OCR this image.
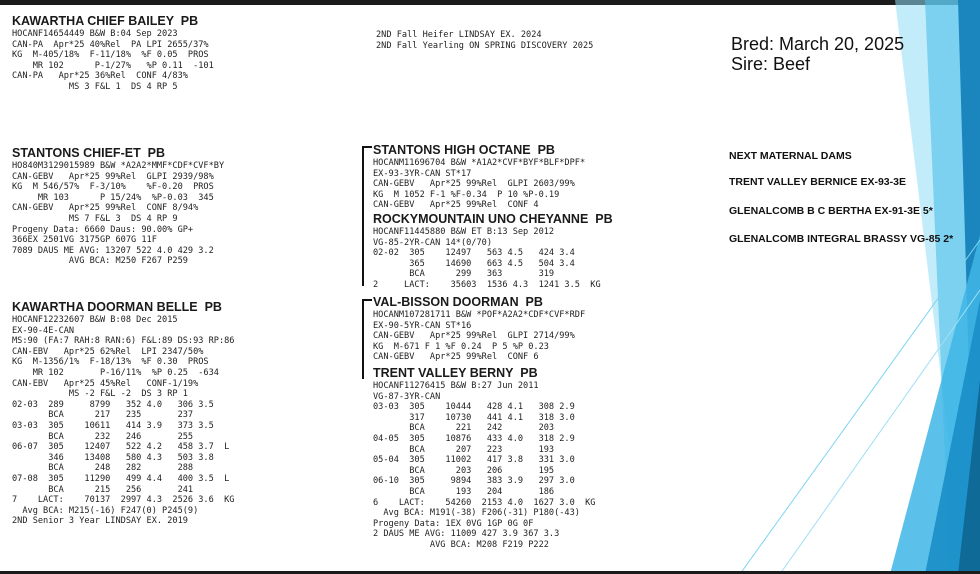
KAWARTHA CHIEF BAILEY  PB
HOCANF14654449 B&W B:04 Sep 2023
CAN-PA  Apr*25 40%Rel  PA LPI 2655/37%
KG  M-405/18%  F-11/18%  %F 0.05  PROS
MR 102      P-1/27%   %P 0.11  -101
CAN-PA   Apr*25 36%Rel  CONF 4/83%
MS 3 F&L 1  DS 4 RP 5
2ND Fall Heifer LINDSAY EX. 2024
2ND Fall Yearling ON SPRING DISCOVERY 2025
STANTONS CHIEF-ET  PB
HO840M3129015989 B&W *A2A2*MMF*CDF*CVF*BY
CAN-GEBV   Apr*25 99%Rel  GLPI 2939/98%
KG  M 546/57%  F-3/10%    %F-0.20  PROS
MR 103      P 15/24%  %P-0.03  345
CAN-GEBV   Apr*25 99%Rel  CONF 8/94%
MS 7 F&L 3  DS 4 RP 9
Progeny Data: 6660 Daus: 90.00% GP+
366EX 2501VG 3175GP 607G 11F
7089 DAUS ME AVG: 13207 522 4.0 429 3.2
AVG BCA: M250 F267 P259
KAWARTHA DOORMAN BELLE  PB
HOCANF12232607 B&W B:08 Dec 2015
EX-90-4E-CAN
MS:90 (FA:7 RAH:8 RAN:6) F&L:89 DS:93 RP:86
CAN-EBV   Apr*25 62%Rel  LPI 2347/50%
KG  M-1356/1%  F-18/13%  %F 0.30  PROS
MR 102       P-16/11%  %P 0.25  -634
CAN-EBV   Apr*25 45%Rel   CONF-1/19%
MS -2 F&L -2  DS 3 RP 1
02-03  289     8799   352 4.0   306 3.5
BCA      217   235       237
03-03  305    10611   414 3.9   373 3.5
BCA      232   246       255
06-07  305    12407   522 4.2   458 3.7  L
346    13408   580 4.3   503 3.8
BCA      248   282       288
07-08  305    11290   499 4.4   400 3.5  L
BCA      215   256       241
7    LACT:    70137  2997 4.3  2526 3.6  KG
Avg BCA: M215(-16) F247(0) P245(9)
2ND Senior 3 Year LINDSAY EX. 2019
STANTONS HIGH OCTANE  PB
HOCANM11696704 B&W *A1A2*CVF*BYF*BLF*DPF*
EX-93-3YR-CAN ST*17
CAN-GEBV   Apr*25 99%Rel  GLPI 2603/99%
KG  M 1052 F-1 %F-0.34  P 10 %P-0.19
CAN-GEBV   Apr*25 99%Rel  CONF 4
ROCKYMOUNTAIN UNO CHEYANNE  PB
HOCANF11445880 B&W ET B:13 Sep 2012
VG-85-2YR-CAN 14*(0/70)
02-02  305    12497   563 4.5   424 3.4
365    14690   663 4.5   504 3.4
BCA      299   363       319
2     LACT:    35603  1536 4.3  1241 3.5  KG
VAL-BISSON DOORMAN  PB
HOCANM107281711 B&W *POF*A2A2*CDF*CVF*RDF
EX-90-5YR-CAN ST*16
CAN-GEBV   Apr*25 99%Rel  GLPI 2714/99%
KG  M-671 F 1 %F 0.24  P 5 %P 0.23
CAN-GEBV   Apr*25 99%Rel  CONF 6
TRENT VALLEY BERNY  PB
HOCANF11276415 B&W B:27 Jun 2011
VG-87-3YR-CAN
03-03  305    10444   428 4.1   308 2.9
317    10730   441 4.1   318 3.0
BCA      221   242       203
04-05  305    10876   433 4.0   318 2.9
BCA      207   223       193
05-04  305    11002   417 3.8   331 3.0
BCA      203   206       195
06-10  305     9894   383 3.9   297 3.0
BCA      193   204       186
6    LACT:    54260  2153 4.0  1627 3.0  KG
Avg BCA: M191(-38) F206(-31) P180(-43)
Progeny Data: 1EX 0VG 1GP 0G 0F
2 DAUS ME AVG: 11009 427 3.9 367 3.3
AVG BCA: M208 F219 P222
Bred: March 20, 2025
Sire: Beef
NEXT MATERNAL DAMS
TRENT VALLEY BERNICE EX-93-3E
GLENALCOMB B C BERTHA EX-91-3E 5*
GLENALCOMB INTEGRAL BRASSY VG-85 2*
